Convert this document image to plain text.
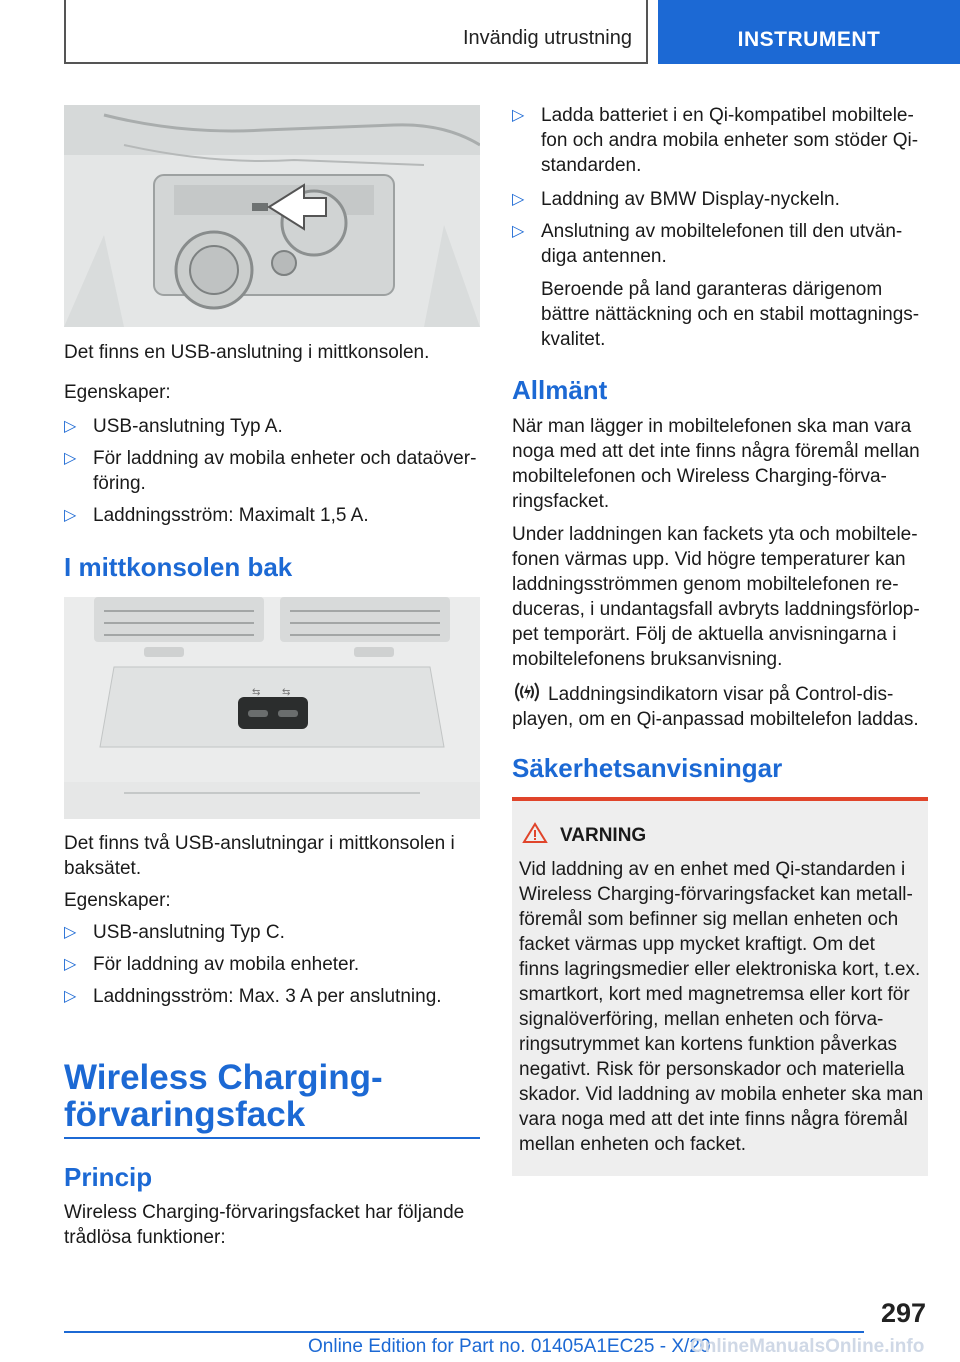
Invändig utrustning	INSTRUMENT

Det finns en USB-anslutning i mittkonsolen.

Egenskaper:

▷ USB-anslutning Typ A.
▷ För laddning av mobila enheter och dataöver-
föring.
▷ Laddningsström: Maximalt 1,5 A.
I mittkonsolen bak
⇆ ⇆

Det finns två USB-anslutningar i mittkonsolen i

baksätet.

Egenskaper:

▷ USB-anslutning Typ C.
▷ För laddning av mobila enheter.
▷ Laddningsström: Max. 3 A per anslutning.
Wireless Charging-
förvaringsfack
Princip

Wireless Charging-förvaringsfacket har följande

trådlösa funktioner:

▷ Ladda batteriet i en Qi-kompatibel mobiltele-
fon och andra mobila enheter som stöder Qi-
standarden.
▷ Laddning av BMW Display-nyckeln.
▷ Anslutning av mobiltelefonen till den utvän-
diga antennen.
Beroende på land garanteras därigenom
bättre nättäckning och en stabil mottagnings-
kvalitet.
Allmänt

När man lägger in mobiltelefonen ska man vara

noga med att det inte finns några föremål mellan

mobiltelefonen och Wireless Charging-förva-

ringsfacket.

Under laddningen kan fackets yta och mobiltele-

fonen värmas upp. Vid högre temperaturer kan

laddningsströmmen genom mobiltelefonen re-

duceras, i undantagsfall avbryts laddningsförlop-

pet temporärt. Följ de aktuella anvisningarna i

mobiltelefonens bruksanvisning.

Laddningsindikatorn visar på Control-dis-

playen, om en Qi-anpassad mobiltelefon laddas.

Säkerhetsanvisningar
VARNING

Vid laddning av en enhet med Qi-standarden i

Wireless Charging-förvaringsfacket kan metall-

föremål som befinner sig mellan enheten och

facket värmas upp mycket kraftigt. Om det

finns lagringsmedier eller elektroniska kort, t.ex.

smartkort, kort med magnetremsa eller kort för

signalöverföring, mellan enheten och förva-

ringsutrymmet kan kortens funktion påverkas

negativt. Risk för personskador och materiella

skador. Vid laddning av mobila enheter ska man

vara noga med att det inte finns några föremål

mellan enheten och facket.

297
Online Edition for Part no. 01405A1EC25 - X/20
OnlineManualsOnline.info
